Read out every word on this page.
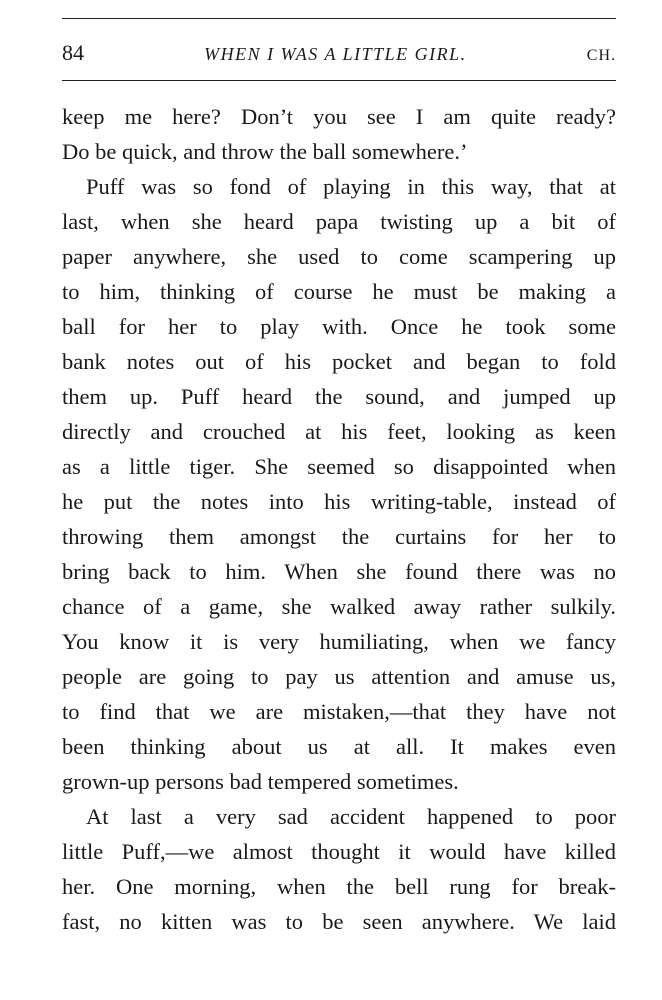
84	WHEN I WAS A LITTLE GIRL.	CH.
keep me here? Don’t you see I am quite ready?
Do be quick, and throw the ball somewhere.’
Puff was so fond of playing in this way, that at
last, when she heard papa twisting up a bit of
paper anywhere, she used to come scampering up
to him, thinking of course he must be making a
ball for her to play with. Once he took some
bank notes out of his pocket and began to fold
them up. Puff heard the sound, and jumped up
directly and crouched at his feet, looking as keen
as a little tiger. She seemed so disappointed when
he put the notes into his writing-table, instead of
throwing them amongst the curtains for her to
bring back to him. When she found there was no
chance of a game, she walked away rather sulkily.
You know it is very humiliating, when we fancy
people are going to pay us attention and amuse us,
to find that we are mistaken,—that they have not
been thinking about us at all. It makes even
grown-up persons bad tempered sometimes.
At last a very sad accident happened to poor
little Puff,—we almost thought it would have killed
her. One morning, when the bell rung for break-
fast, no kitten was to be seen anywhere. We laid
